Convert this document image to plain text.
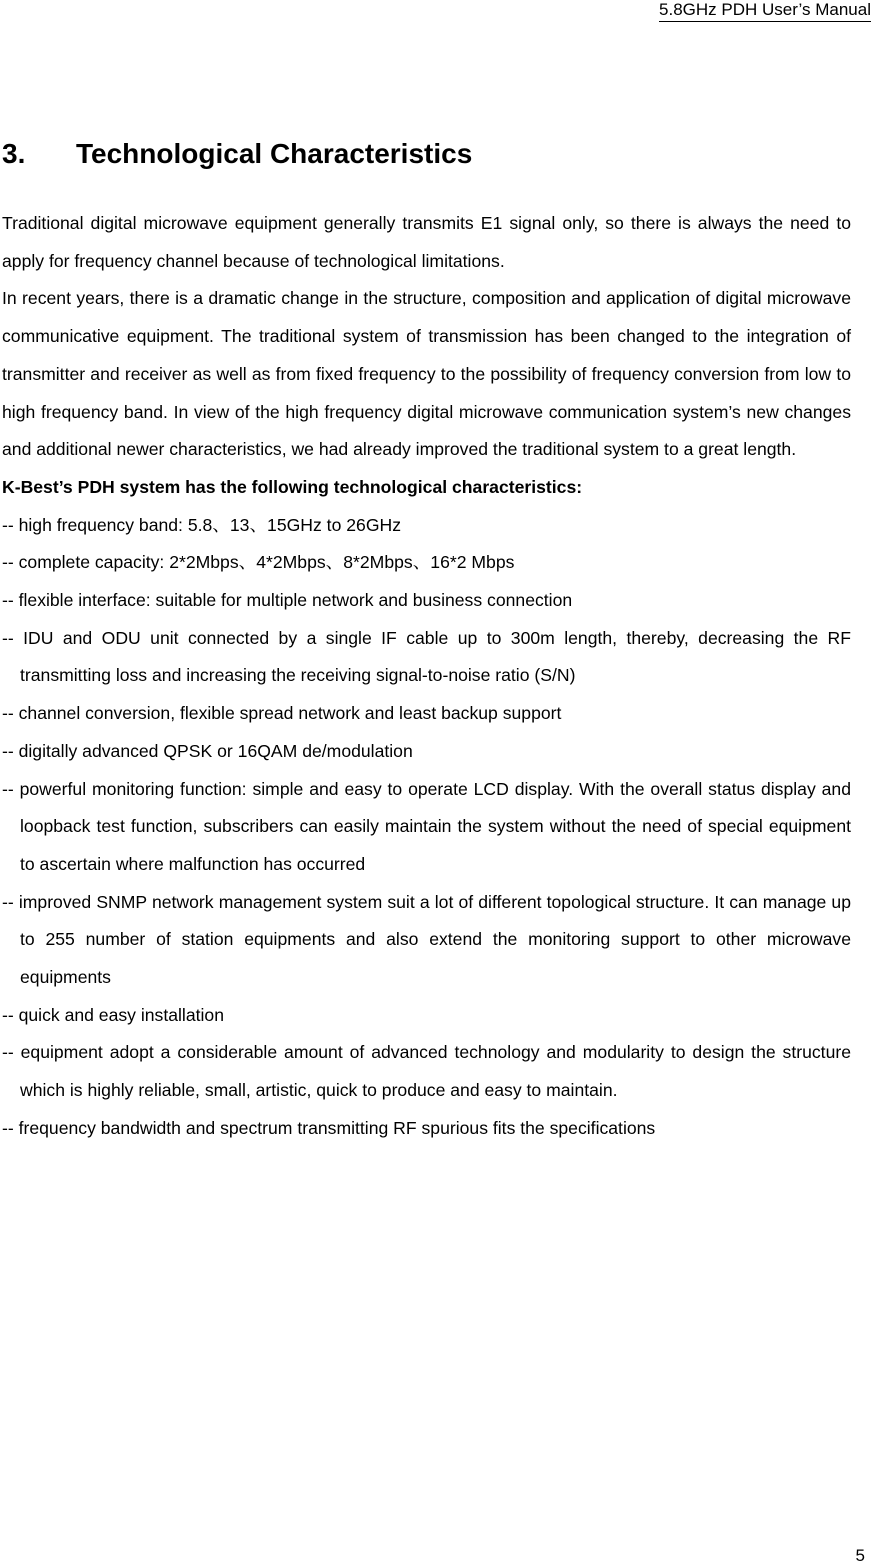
5.8GHz PDH User’s Manual
3. Technological Characteristics

Traditional digital microwave equipment generally transmits E1 signal only, so there is always the need to apply for frequency channel because of technological limitations.

In recent years, there is a dramatic change in the structure, composition and application of digital microwave communicative equipment. The traditional system of transmission has been changed to the integration of transmitter and receiver as well as from fixed frequency to the possibility of frequency conversion from low to high frequency band. In view of the high frequency digital microwave communication system’s new changes and additional newer characteristics, we had already improved the traditional system to a great length.

K-Best’s PDH system has the following technological characteristics:

-- high frequency band: 5.8、13、15GHz to 26GHz
-- complete capacity: 2*2Mbps、4*2Mbps、8*2Mbps、16*2 Mbps
-- flexible interface: suitable for multiple network and business connection
-- IDU and ODU unit connected by a single IF cable up to 300m length, thereby, decreasing the RF transmitting loss and increasing the receiving signal-to-noise ratio (S/N)
-- channel conversion, flexible spread network and least backup support
-- digitally advanced QPSK or 16QAM de/modulation
-- powerful monitoring function: simple and easy to operate LCD display. With the overall status display and loopback test function, subscribers can easily maintain the system without the need of special equipment to ascertain where malfunction has occurred
-- improved SNMP network management system suit a lot of different topological structure. It can manage up to 255 number of station equipments and also extend the monitoring support to other microwave equipments
-- quick and easy installation
-- equipment adopt a considerable amount of advanced technology and modularity to design the structure which is highly reliable, small, artistic, quick to produce and easy to maintain.
-- frequency bandwidth and spectrum transmitting RF spurious fits the specifications
5
